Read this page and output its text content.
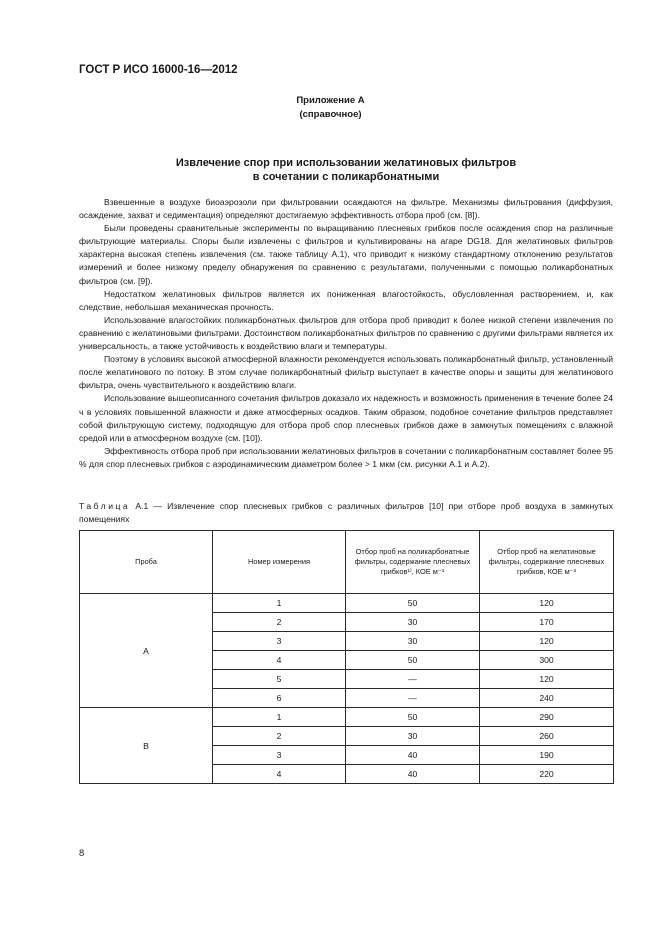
ГОСТ Р ИСО 16000-16—2012
Приложение А
(справочное)
Извлечение спор при использовании желатиновых фильтров
в сочетании с поликарбонатными

Взвешенные в воздухе биоаэрозоли при фильтровании осаждаются на фильтре. Механизмы фильтрования (диффузия, осаждение, захват и седиментация) определяют достигаемую эффективность отбора проб (см. [8]).

Были проведены сравнительные эксперименты по выращиванию плесневых грибков после осаждения спор на различные фильтрующие материалы. Споры были извлечены с фильтров и культивированы на агаре DG18. Для желатиновых фильтров характерна высокая степень извлечения (см. также таблицу А.1), что приводит к низкому стандартному отклонению результатов измерений и более низкому пределу обнаружения по сравнению с результатами, полученными с помощью поликарбонатных фильтров (см. [9]).

Недостатком желатиновых фильтров является их пониженная влагостойкость, обусловленная растворением, и, как следствие, небольшая механическая прочность.

Использование влагостойких поликарбонатных фильтров для отбора проб приводит к более низкой степени извлечения по сравнению с желатиновыми фильтрами. Достоинством поликарбонатных фильтров по сравнению с другими фильтрами является их универсальность, а также устойчивость к воздействию влаги и температуры.

Поэтому в условиях высокой атмосферной влажности рекомендуется использовать поликарбонатный фильтр, установленный после желатинового по потоку. В этом случае поликарбонатный фильтр выступает в качестве опоры и защиты для желатинового фильтра, очень чувствительного к воздействию влаги.

Использование вышеописанного сочетания фильтров доказало их надежность и возможность применения в течение более 24 ч в условиях повышенной влажности и даже атмосферных осадков. Таким образом, подобное сочетание фильтров представляет собой фильтрующую систему, подходящую для отбора проб спор плесневых грибков даже в замкнутых помещениях с влажной средой или в атмосферном воздухе (см. [10]).

Эффективность отбора проб при использовании желатиновых фильтров в сочетании с поликарбонатным составляет более 95 % для спор плесневых грибков с аэродинамическим диаметром более > 1 мкм (см. рисунки А.1 и А.2).

Таблица А.1 — Извлечение спор плесневых грибков с различных фильтров [10] при отборе проб воздуха в замкнутых помещениях
Проба	Номер измерения	Отбор проб на поликарбонатные фильтры, содержание плесневых грибков¹⁾, КОЕ м⁻³	Отбор проб на желатиновые фильтры, содержание плесневых грибков, КОЕ м⁻³
А	1	50	120
	2	30	170
	3	30	120
	4	50	300
	5	—	120
	6	—	240
В	1	50	290
	2	30	260
	3	40	190
	4	40	220
8
